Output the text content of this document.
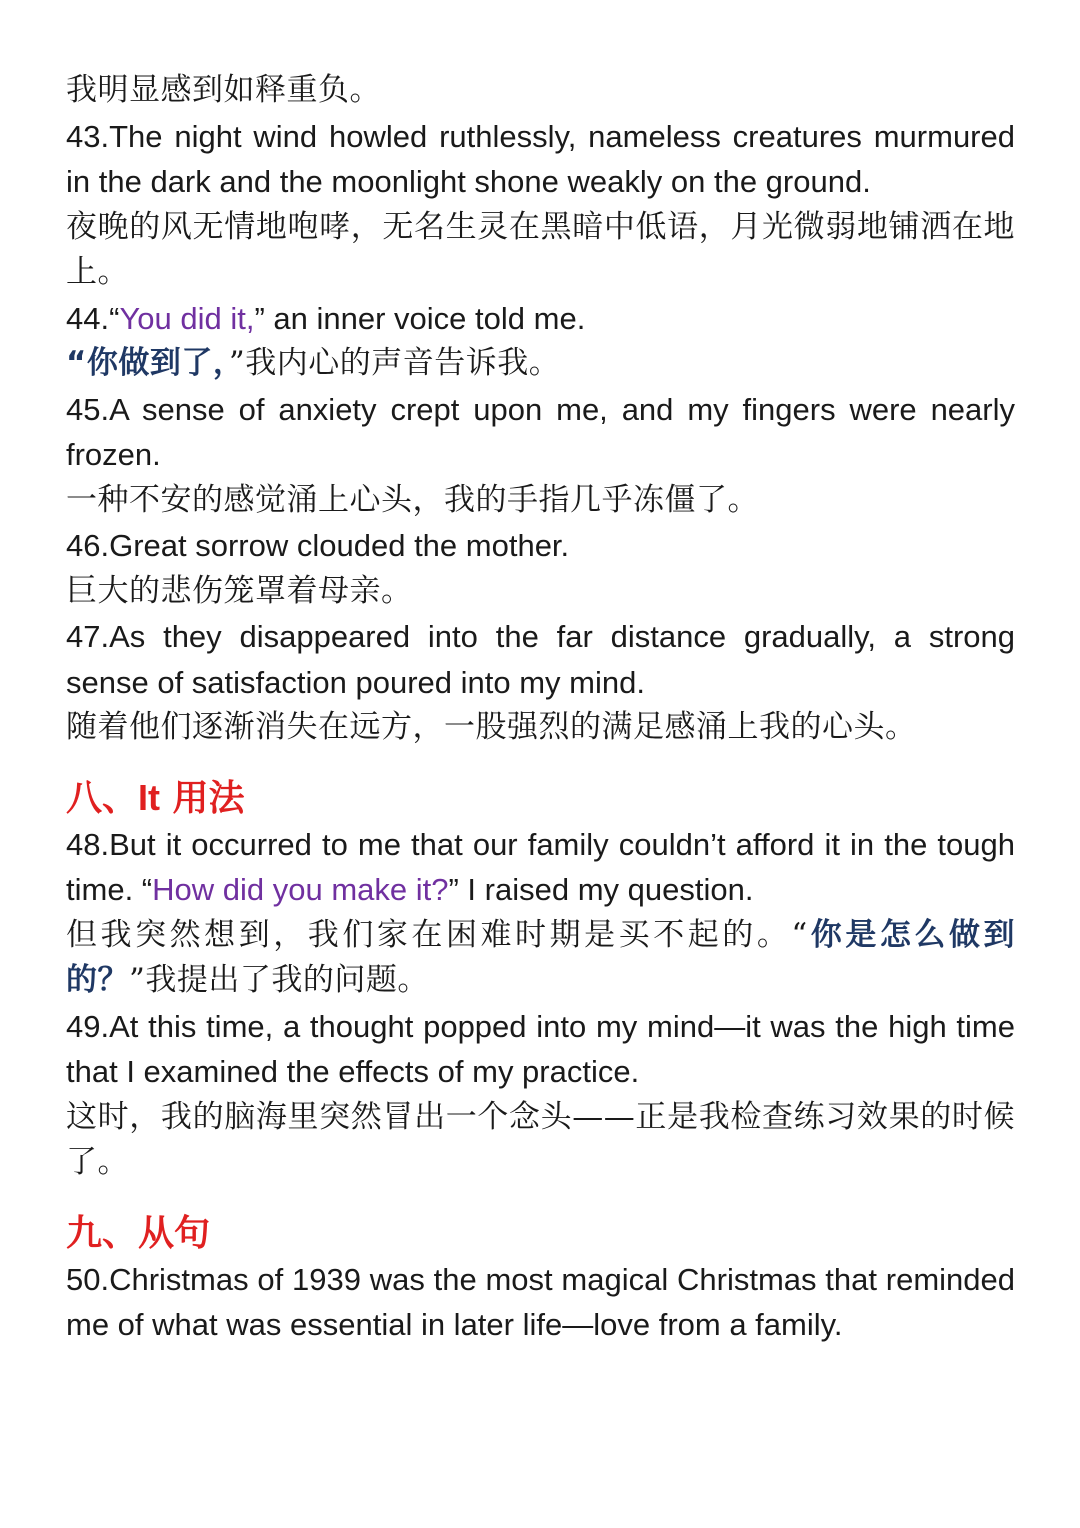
我明显感到如释重负。

43.The night wind howled ruthlessly, nameless creatures murmured in the dark and the moonlight shone weakly on the ground.

夜晚的风无情地咆哮，无名生灵在黑暗中低语，月光微弱地铺洒在地上。

44.“You did it,” an inner voice told me.

“你做到了，”我内心的声音告诉我。

45.A sense of anxiety crept upon me, and my fingers were nearly frozen.

一种不安的感觉涌上心头，我的手指几乎冻僵了。

46.Great sorrow clouded the mother.

巨大的悲伤笼罩着母亲。

47.As they disappeared into the far distance gradually, a strong sense of satisfaction poured into my mind.

随着他们逐渐消失在远方，一股强烈的满足感涌上我的心头。

八、It 用法

48.But it occurred to me that our family couldn’t afford it in the tough time. “How did you make it?” I raised my question.

但我突然想到，我们家在困难时期是买不起的。“你是怎么做到的？”我提出了我的问题。

49.At this time, a thought popped into my mind—it was the high time that I examined the effects of my practice.

这时，我的脑海里突然冒出一个念头——正是我检查练习效果的时候了。

九、从句

50.Christmas of 1939 was the most magical Christmas that reminded me of what was essential in later life—love from a family.
